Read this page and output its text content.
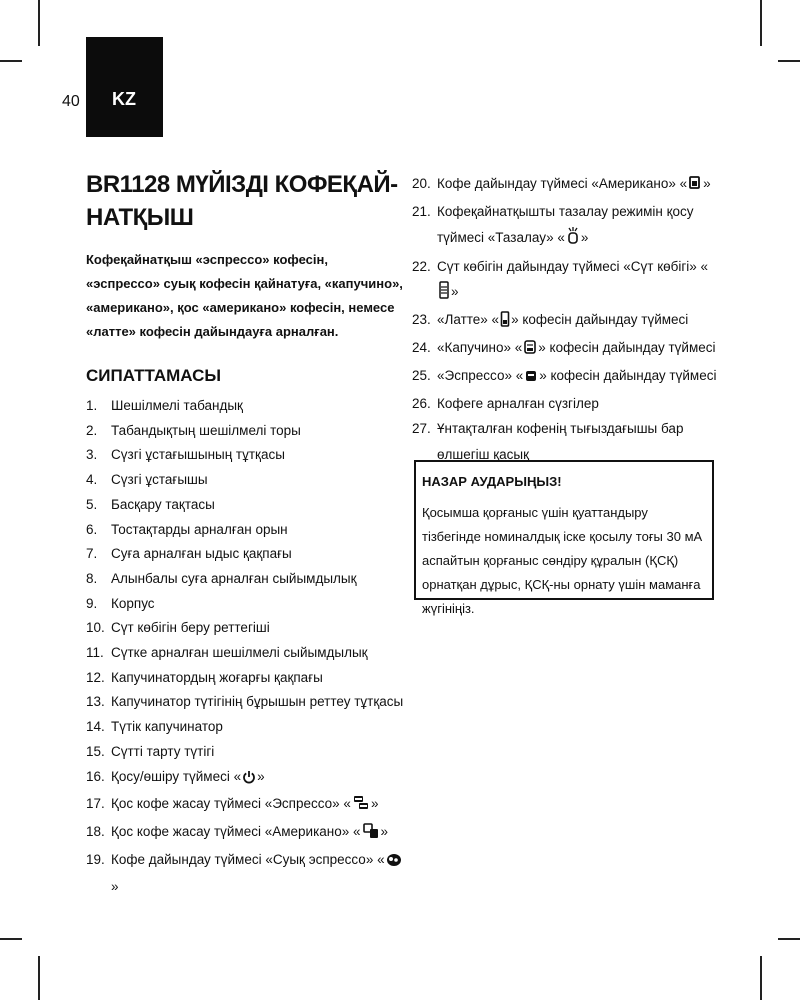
40 KZ
BR1128 МҮЙІЗДІ КОФЕҚАЙ-
НАТҚЫШ

Кофеқайнатқыш «эспрессо» кофесін, «эспрессо» суық кофесін қайнатуға, «капучино», «американо», қос «американо» кофесін, немесе «латте» кофесін дайындауға арналған.

СИПАТТАМАСЫ
1. Шешілмелі табандық
2. Табандықтың шешілмелі торы
3. Сүзгі ұстағышының тұтқасы
4. Сүзгі ұстағышы
5. Басқару тақтасы
6. Тостақтарды арналған орын
7. Суға арналған ыдыс қақпағы
8. Алынбалы суға арналған сыйымдылық
9. Корпус
10. Сүт көбігін беру реттегіші
11. Сүтке арналған шешілмелі сыйымдылық
12. Капучинатордың жоғарғы қақпағы
13. Капучинатор түтігінің бұрышын реттеу тұтқасы
14. Түтік капучинатор
15. Сүтті тарту түтігі
16. Қосу/өшіру түймесі « »
17. Қос кофе жасау түймесі «Эспрессо» « »
18. Қос кофе жасау түймесі «Американо» « »
19. Кофе дайындау түймесі «Суық эспрессо» «»
20. Кофе дайындау түймесі «Американо» « »
21. Кофеқайнатқышты тазалау режимін қосу түймесі «Тазалау» « »
22. Сүт көбігін дайындау түймесі «Сүт көбігі» «»
23. «Латте» « » кофесін дайындау түймесі
24. «Капучино» « » кофесін дайындау түймесі
25. «Эспрессо» « » кофесін дайындау түймесі
26. Кофеге арналған сүзгілер
27. Ұнтақталған кофенің тығыздағышы бар өлшегіш қасық
НАЗАР АУДАРЫҢЫЗ!
Қосымша қорғаныс үшін қуаттандыру тізбегінде номиналдық іске қосылу тоғы 30 мА аспайтын қорғаныс сөндіру құралын (ҚСҚ) орнатқан дұрыс, ҚСҚ-ны орнату үшін маманға жүгініңіз.
